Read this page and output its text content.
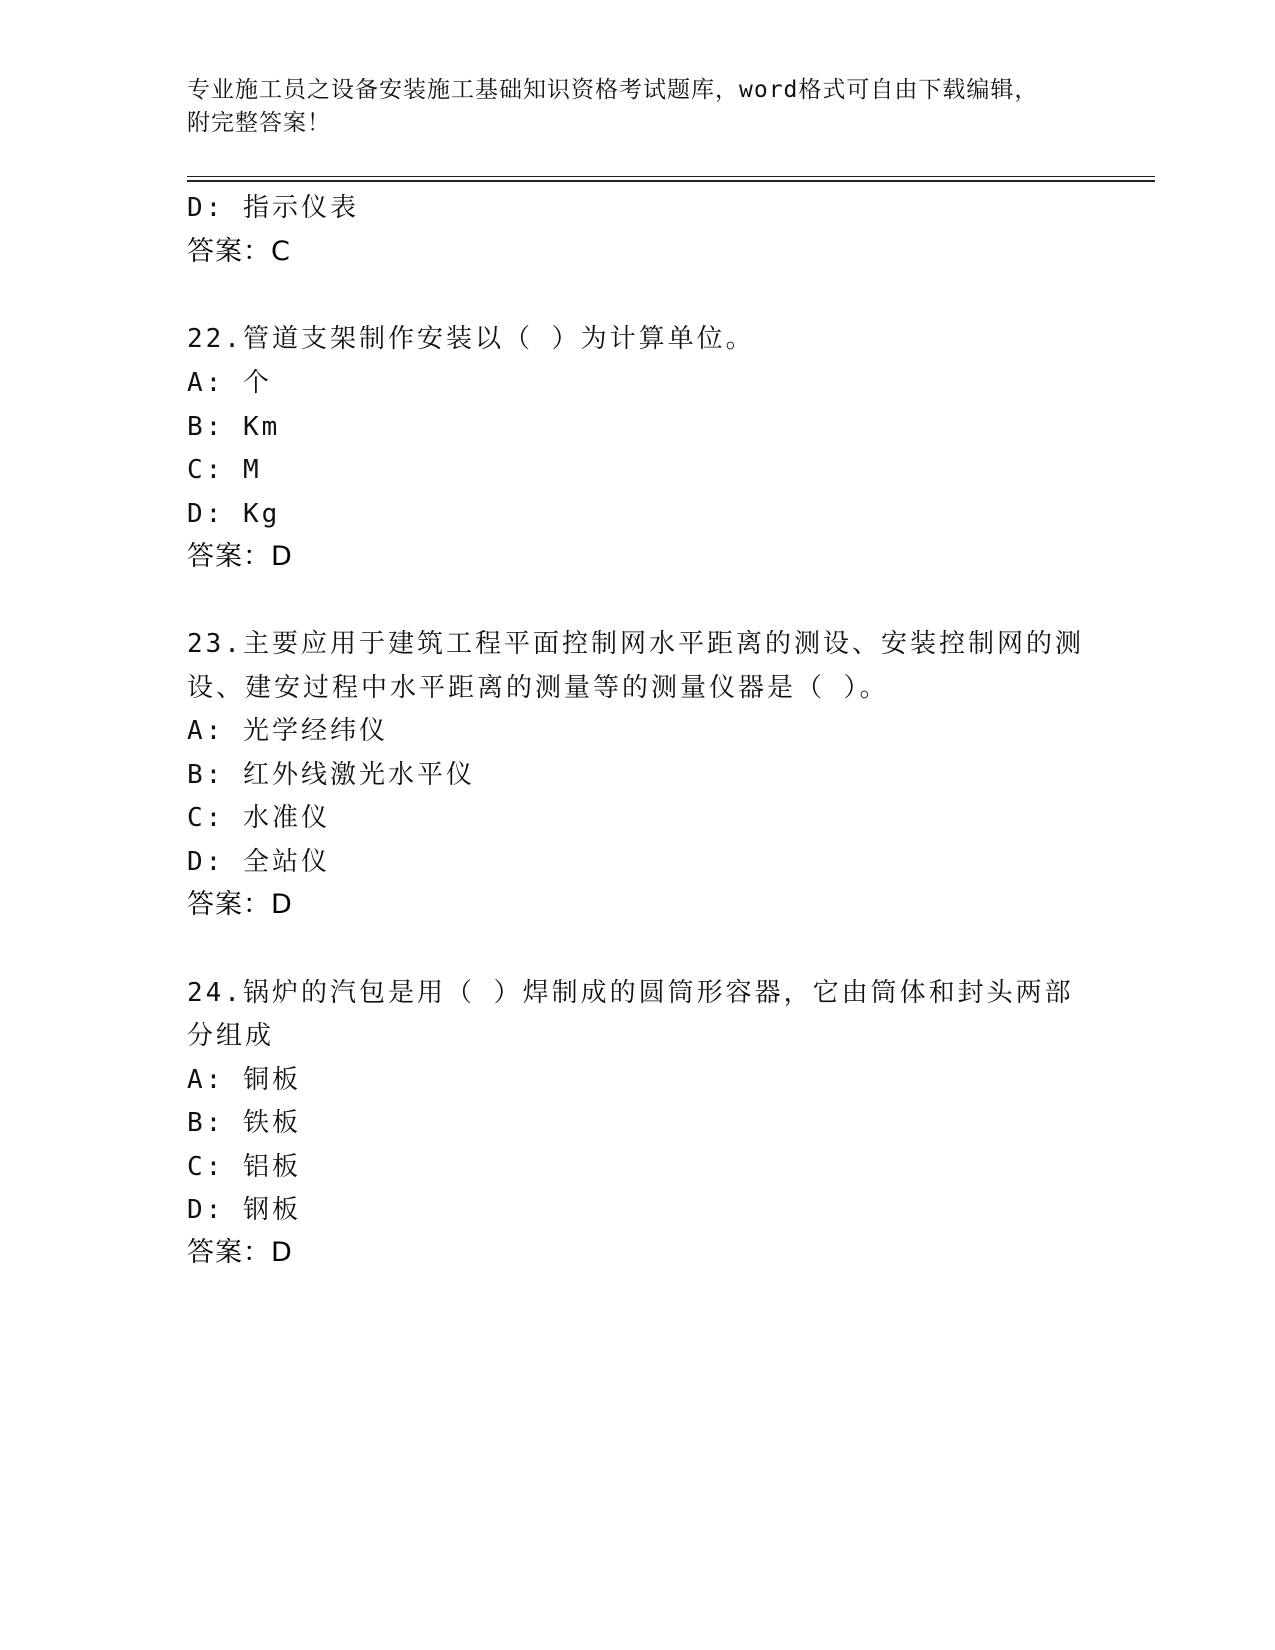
专业施工员之设备安装施工基础知识资格考试题库，word格式可自由下载编辑，
附完整答案！
D: 指示仪表
答案：C
22.管道支架制作安装以（ ）为计算单位。
A: 个
B: Km
C: M
D: Kg
答案：D
23.主要应用于建筑工程平面控制网水平距离的测设、安装控制网的测
设、建安过程中水平距离的测量等的测量仪器是（ ）。
A: 光学经纬仪
B: 红外线激光水平仪
C: 水准仪
D: 全站仪
答案：D
24.锅炉的汽包是用（ ）焊制成的圆筒形容器，它由筒体和封头两部
分组成
A: 铜板
B: 铁板
C: 铝板
D: 钢板
答案：D
